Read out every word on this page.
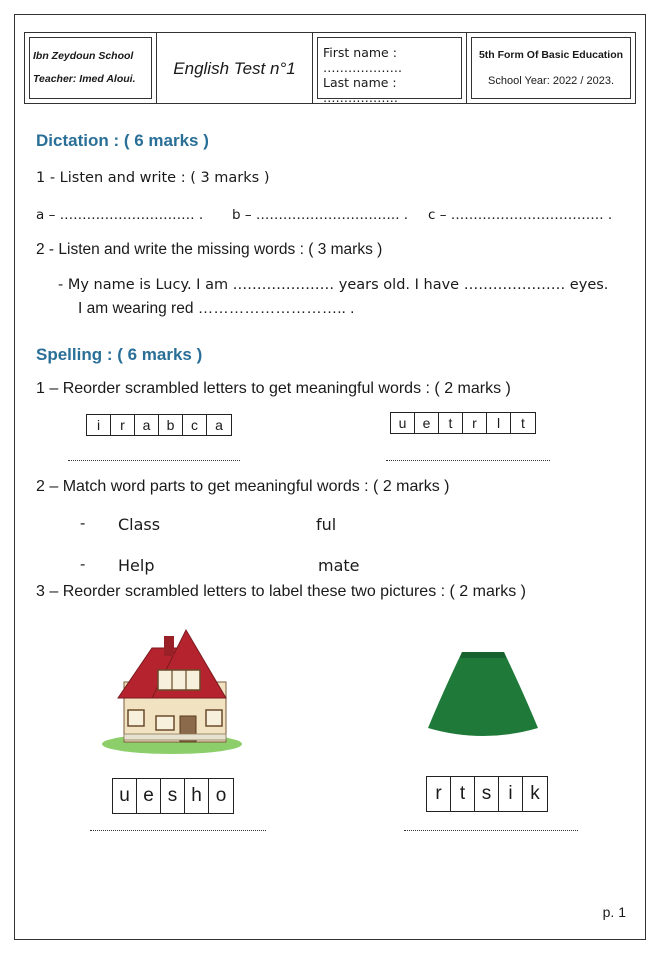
Ibn Zeydoun School
Teacher: Imed Aloui.
English Test n°1
First name : ……………….
Last name : ………………
5th Form Of Basic Education
School Year: 2022 / 2023.
Dictation : ( 6 marks )
1 - Listen and write : ( 3 marks )
a – ………………………… . b – ………………………….. . c – ……………………………. .
2 - Listen and write the missing words : ( 3 marks )
- My name is Lucy. I am ………………… years old. I have ………………… eyes.
I am wearing red ……………………….. .
Spelling : ( 6 marks )
1 – Reorder scrambled letters to get meaningful words : ( 2 marks )
i	r	a	b	c	a	u	e	t	r	l	t
2 – Match word parts to get meaningful words : ( 2 marks )
- Class	ful
- Help	mate
3 – Reorder scrambled letters to label these two pictures : ( 2 marks )
u e s h o	r t s i k
p. 1
